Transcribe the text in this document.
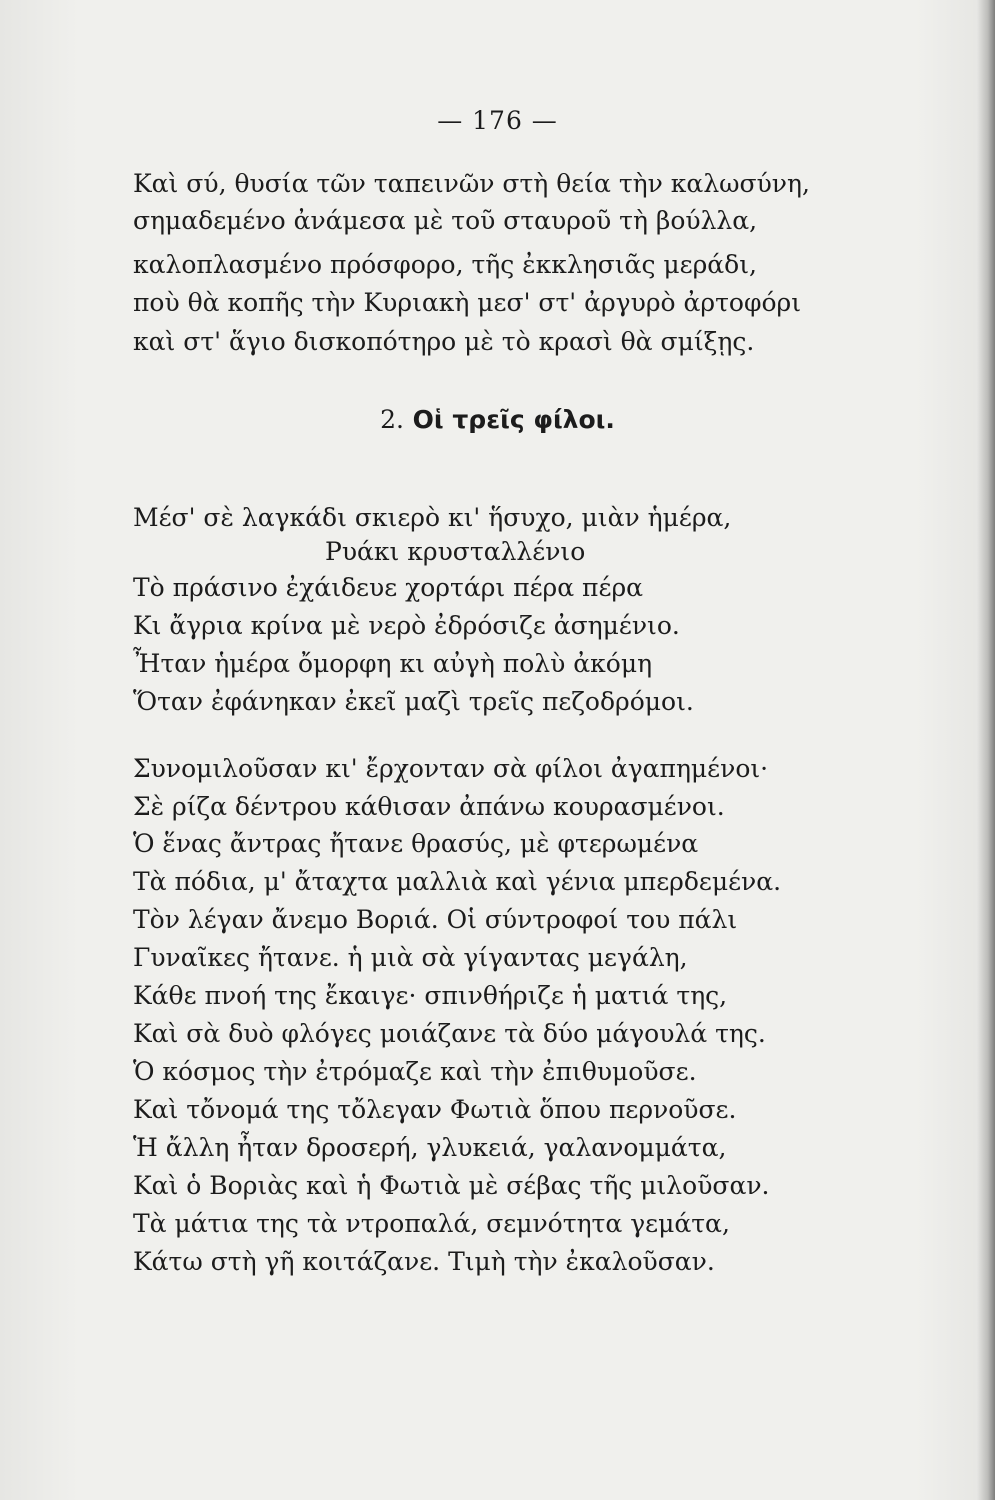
— 176 —
Καὶ σύ, θυσία τῶν ταπεινῶν στὴ θεία τὴν καλωσύνη,
σημαδεμένο ἀνάμεσα μὲ τοῦ σταυροῦ τὴ βούλλα,
καλοπλασμένο πρόσφορο, τῆς ἐκκλησιᾶς μεράδι,
ποὺ θὰ κοπῆς τὴν Κυριακὴ μεσ' στ' ἀργυρὸ ἀρτοφόρι
καὶ στ' ἅγιο δισκοπότηρο μὲ τὸ κρασὶ θὰ σμίξῃς.
2. Οἱ τρεῖς φίλοι.
Μέσ' σὲ λαγκάδι σκιερὸ κι' ἥσυχο, μιὰν ἡμέρα,
Ρυάκι κρυσταλλένιο
Τὸ πράσινο ἐχάιδευε χορτάρι πέρα πέρα
Κι ἄγρια κρίνα μὲ νερὸ ἐδρόσιζε ἀσημένιο.
Ἦταν ἡμέρα ὄμορφη κι αὐγὴ πολὺ ἀκόμη
Ὅταν ἐφάνηκαν ἐκεῖ μαζὶ τρεῖς πεζοδρόμοι.
Συνομιλοῦσαν κι' ἔρχονταν σὰ φίλοι ἀγαπημένοι·
Σὲ ρίζα δέντρου κάθισαν ἀπάνω κουρασμένοι.
Ὁ ἕνας ἄντρας ἤτανε θρασύς, μὲ φτερωμένα
Τὰ πόδια, μ' ἄταχτα μαλλιὰ καὶ γένια μπερδεμένα.
Τὸν λέγαν ἄνεμο Βοριά. Οἱ σύντροφοί του πάλι
Γυναῖκες ἤτανε. ἡ μιὰ σὰ γίγαντας μεγάλη,
Κάθε πνοή της ἔκαιγε· σπινθήριζε ἡ ματιά της,
Καὶ σὰ δυὸ φλόγες μοιάζανε τὰ δύο μάγουλά της.
Ὁ κόσμος τὴν ἐτρόμαζε καὶ τὴν ἐπιθυμοῦσε.
Καὶ τὄνομά της τὄλεγαν Φωτιὰ ὅπου περνοῦσε.
Ἡ ἄλλη ἦταν δροσερή, γλυκειά, γαλανομμάτα,
Καὶ ὁ Βοριὰς καὶ ἡ Φωτιὰ μὲ σέβας τῆς μιλοῦσαν.
Τὰ μάτια της τὰ ντροπαλά, σεμνότητα γεμάτα,
Κάτω στὴ γῆ κοιτάζανε. Τιμὴ τὴν ἐκαλοῦσαν.
